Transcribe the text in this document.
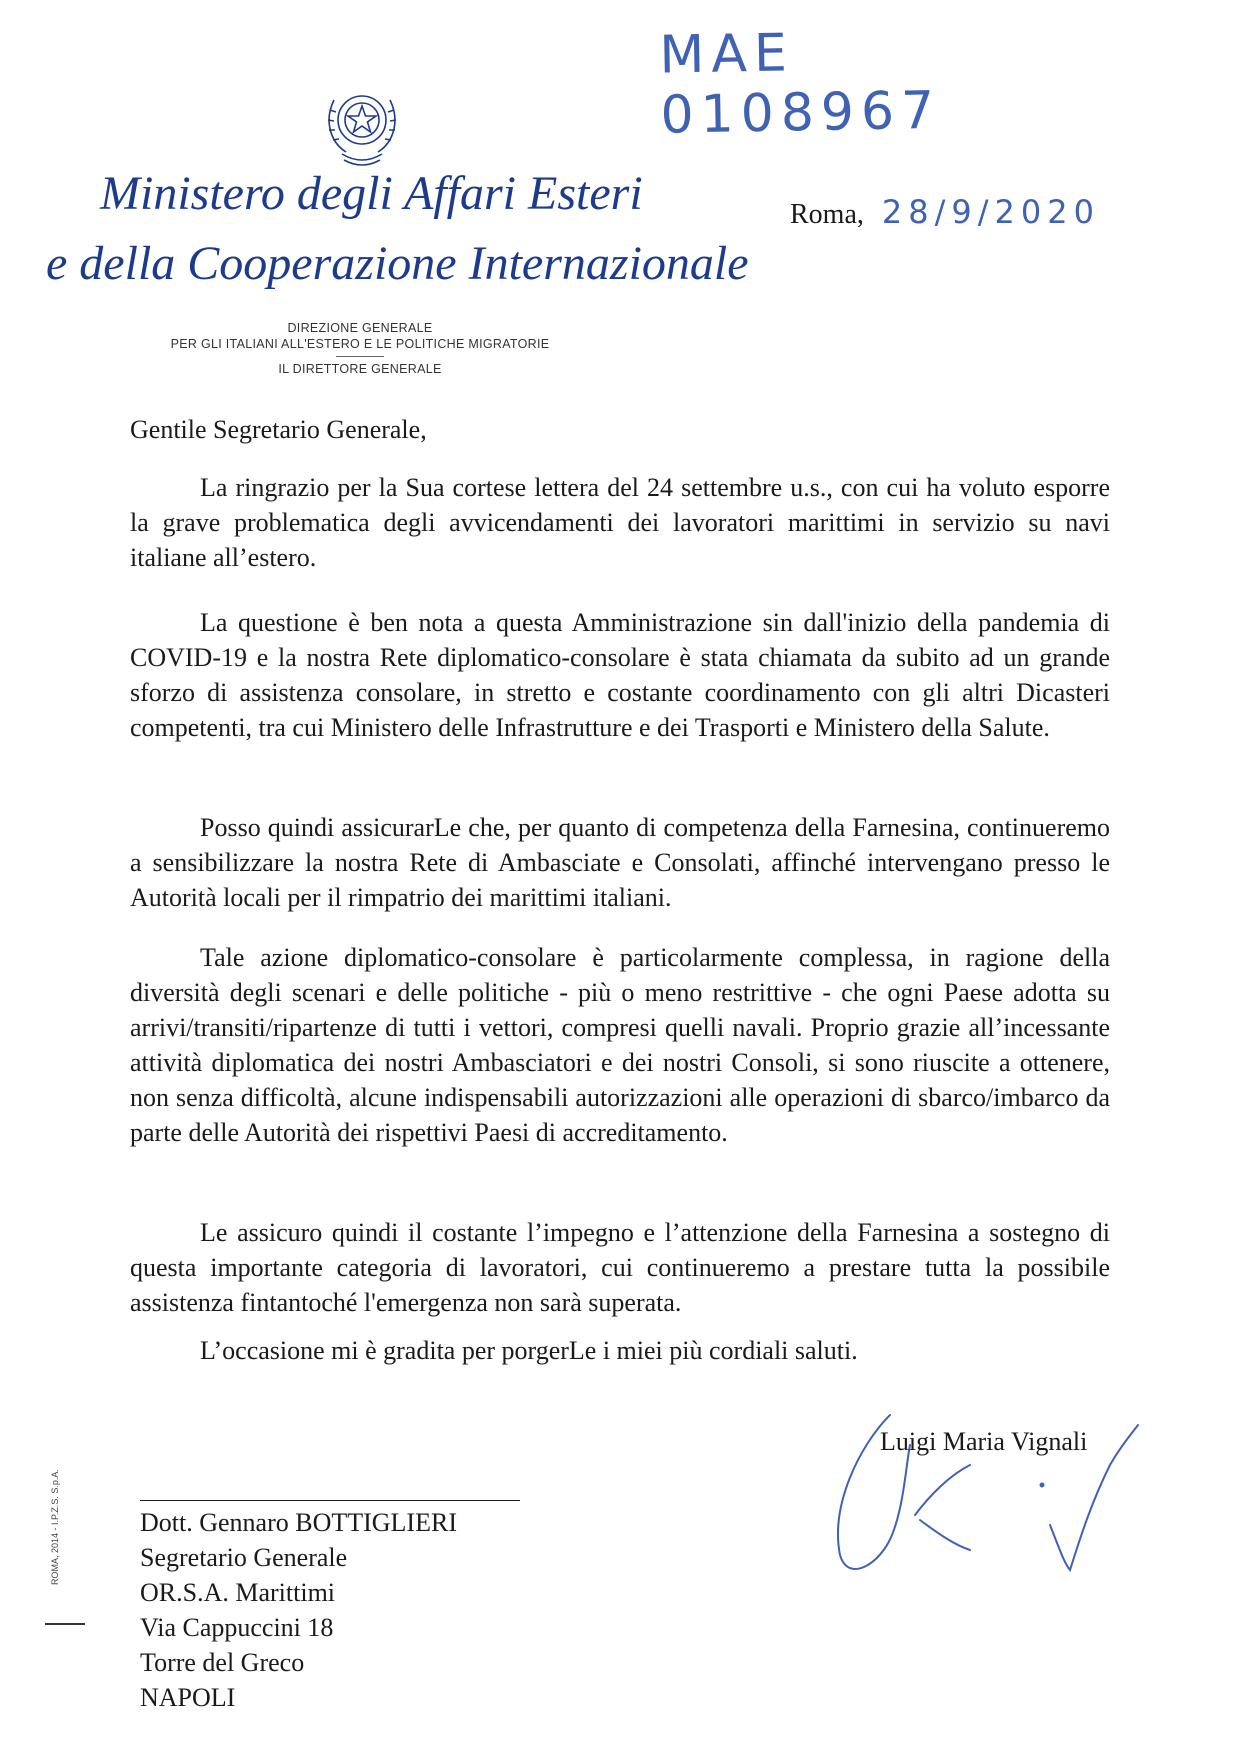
MAE 0108967
Ministero degli Affari Esteri
e della Cooperazione Internazionale
DIREZIONE GENERALE
PER GLI ITALIANI ALL'ESTERO E LE POLITICHE MIGRATORIE
IL DIRETTORE GENERALE
Roma, 28/9/2020
Gentile Segretario Generale,

La ringrazio per la Sua cortese lettera del 24 settembre u.s., con cui ha voluto esporre la grave problematica degli avvicendamenti dei lavoratori marittimi in servizio su navi italiane all’estero.

La questione è ben nota a questa Amministrazione sin dall'inizio della pandemia di COVID-19 e la nostra Rete diplomatico-consolare è stata chiamata da subito ad un grande sforzo di assistenza consolare, in stretto e costante coordinamento con gli altri Dicasteri competenti, tra cui Ministero delle Infrastrutture e dei Trasporti e Ministero della Salute.

Posso quindi assicurarLe che, per quanto di competenza della Farnesina, continueremo a sensibilizzare la nostra Rete di Ambasciate e Consolati, affinché intervengano presso le Autorità locali per il rimpatrio dei marittimi italiani.

Tale azione diplomatico-consolare è particolarmente complessa, in ragione della diversità degli scenari e delle politiche - più o meno restrittive - che ogni Paese adotta su arrivi/transiti/ripartenze di tutti i vettori, compresi quelli navali. Proprio grazie all’incessante attività diplomatica dei nostri Ambasciatori e dei nostri Consoli, si sono riuscite a ottenere, non senza difficoltà, alcune indispensabili autorizzazioni alle operazioni di sbarco/imbarco da parte delle Autorità dei rispettivi Paesi di accreditamento.

Le assicuro quindi il costante l’impegno e l’attenzione della Farnesina a sostegno di questa importante categoria di lavoratori, cui continueremo a prestare tutta la possibile assistenza fintantoché l'emergenza non sarà superata.

L’occasione mi è gradita per porgerLe i miei più cordiali saluti.
Luigi Maria Vignali
ROMA, 2014 - I.P.Z.S. S.p.A.	Dott. Gennaro BOTTIGLIERI
Segretario Generale
OR.S.A. Marittimi
Via Cappuccini 18
Torre del Greco
NAPOLI
